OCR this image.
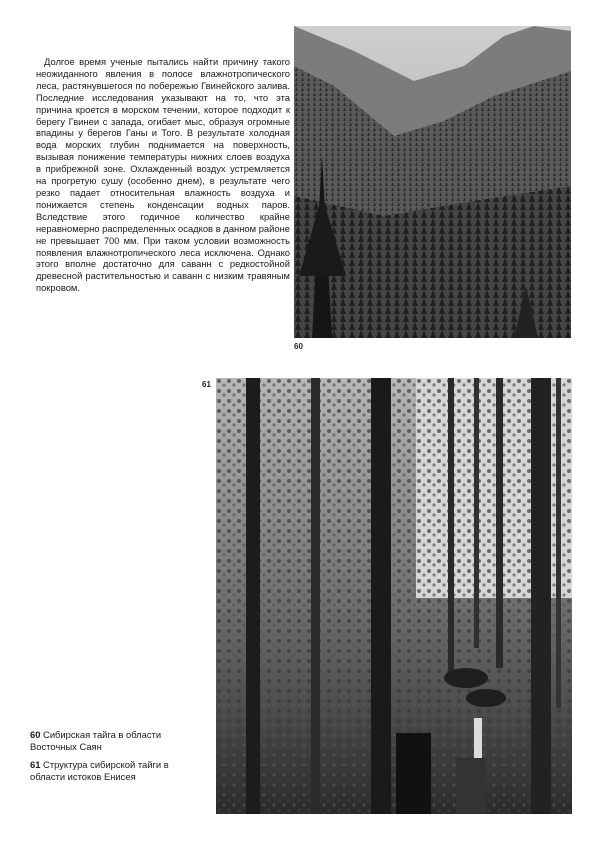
Долгое время ученые пытались найти причину такого неожиданного явления в полосе влажнотропического леса, растянувшегося по побережью Гвинейского залива. Последние исследования указывают на то, что эта причина кроется в морском течении, которое подходит к берегу Гвинеи с запада, огибает мыс, образуя огромные впадины у берегов Ганы и Того. В результате холодная вода морских глубин поднимается на поверхность, вызывая понижение температуры нижних слоев воздуха в прибрежной зоне. Охлажденный воздух устремляется на прогретую сушу (особенно днем), в результате чего резко падает относительная влажность воздуха и понижается степень конденсации водных паров. Вследствие этого годичное количество крайне неравномерно распределенных осадков в данном районе не превышает 700 мм. При таком условии возможность появления влажнотропического леса исключена. Однако этого вполне достаточно для саванн с редкостойной древесной растительностью и саванн с низким травяным покровом.

60
61
60 Сибирская тайга в области Восточных Саян
61 Структура сибирской тайги в области истоков Енисея
